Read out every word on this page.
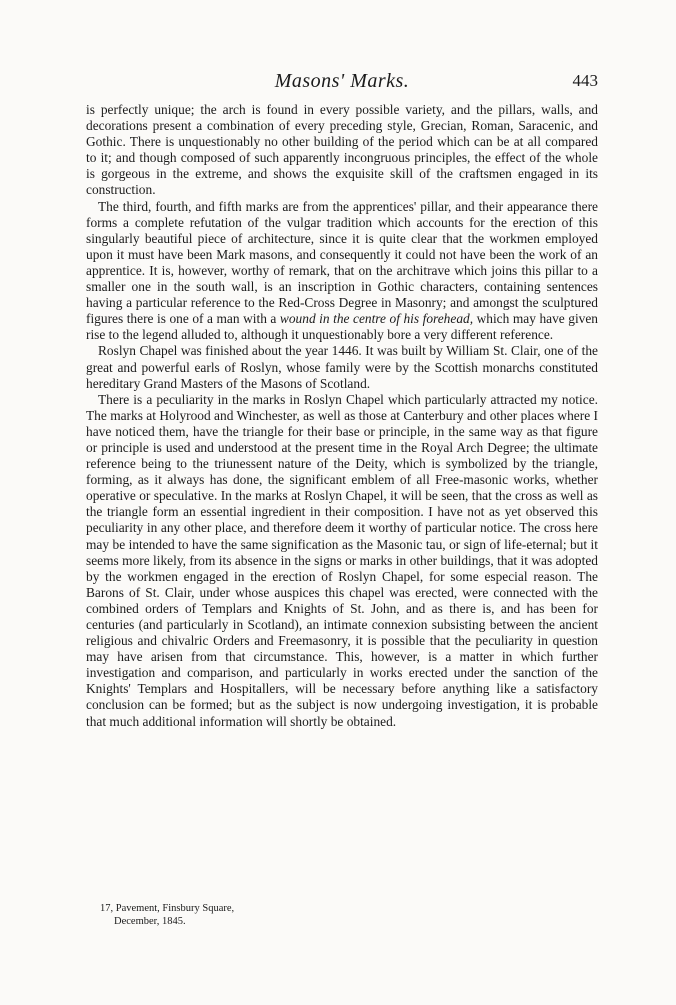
Masons' Marks.	443

is perfectly unique; the arch is found in every possible variety, and the pillars, walls, and decorations present a combination of every preceding style, Grecian, Roman, Saracenic, and Gothic. There is unquestionably no other building of the period which can be at all compared to it; and though composed of such apparently incongruous principles, the effect of the whole is gorgeous in the extreme, and shows the exquisite skill of the craftsmen engaged in its construction.

The third, fourth, and fifth marks are from the apprentices' pillar, and their appearance there forms a complete refutation of the vulgar tradition which accounts for the erection of this singularly beautiful piece of architecture, since it is quite clear that the workmen employed upon it must have been Mark masons, and consequently it could not have been the work of an apprentice. It is, however, worthy of remark, that on the architrave which joins this pillar to a smaller one in the south wall, is an inscription in Gothic characters, containing sentences having a particular reference to the Red-Cross Degree in Masonry; and amongst the sculptured figures there is one of a man with a wound in the centre of his forehead, which may have given rise to the legend alluded to, although it unquestionably bore a very different reference.

Roslyn Chapel was finished about the year 1446. It was built by William St. Clair, one of the great and powerful earls of Roslyn, whose family were by the Scottish monarchs constituted hereditary Grand Masters of the Masons of Scotland.

There is a peculiarity in the marks in Roslyn Chapel which particularly attracted my notice. The marks at Holyrood and Winchester, as well as those at Canterbury and other places where I have noticed them, have the triangle for their base or principle, in the same way as that figure or principle is used and understood at the present time in the Royal Arch Degree; the ultimate reference being to the triunessent nature of the Deity, which is symbolized by the triangle, forming, as it always has done, the significant emblem of all Free-masonic works, whether operative or speculative. In the marks at Roslyn Chapel, it will be seen, that the cross as well as the triangle form an essential ingredient in their composition. I have not as yet observed this peculiarity in any other place, and therefore deem it worthy of particular notice. The cross here may be intended to have the same signification as the Masonic tau, or sign of life-eternal; but it seems more likely, from its absence in the signs or marks in other buildings, that it was adopted by the workmen engaged in the erection of Roslyn Chapel, for some especial reason. The Barons of St. Clair, under whose auspices this chapel was erected, were connected with the combined orders of Templars and Knights of St. John, and as there is, and has been for centuries (and particularly in Scotland), an intimate connexion subsisting between the ancient religious and chivalric Orders and Freemasonry, it is possible that the peculiarity in question may have arisen from that circumstance. This, however, is a matter in which further investigation and comparison, and particularly in works erected under the sanction of the Knights' Templars and Hospitallers, will be necessary before anything like a satisfactory conclusion can be formed; but as the subject is now undergoing investigation, it is probable that much additional information will shortly be obtained.

17, Pavement, Finsbury Square,
December, 1845.
